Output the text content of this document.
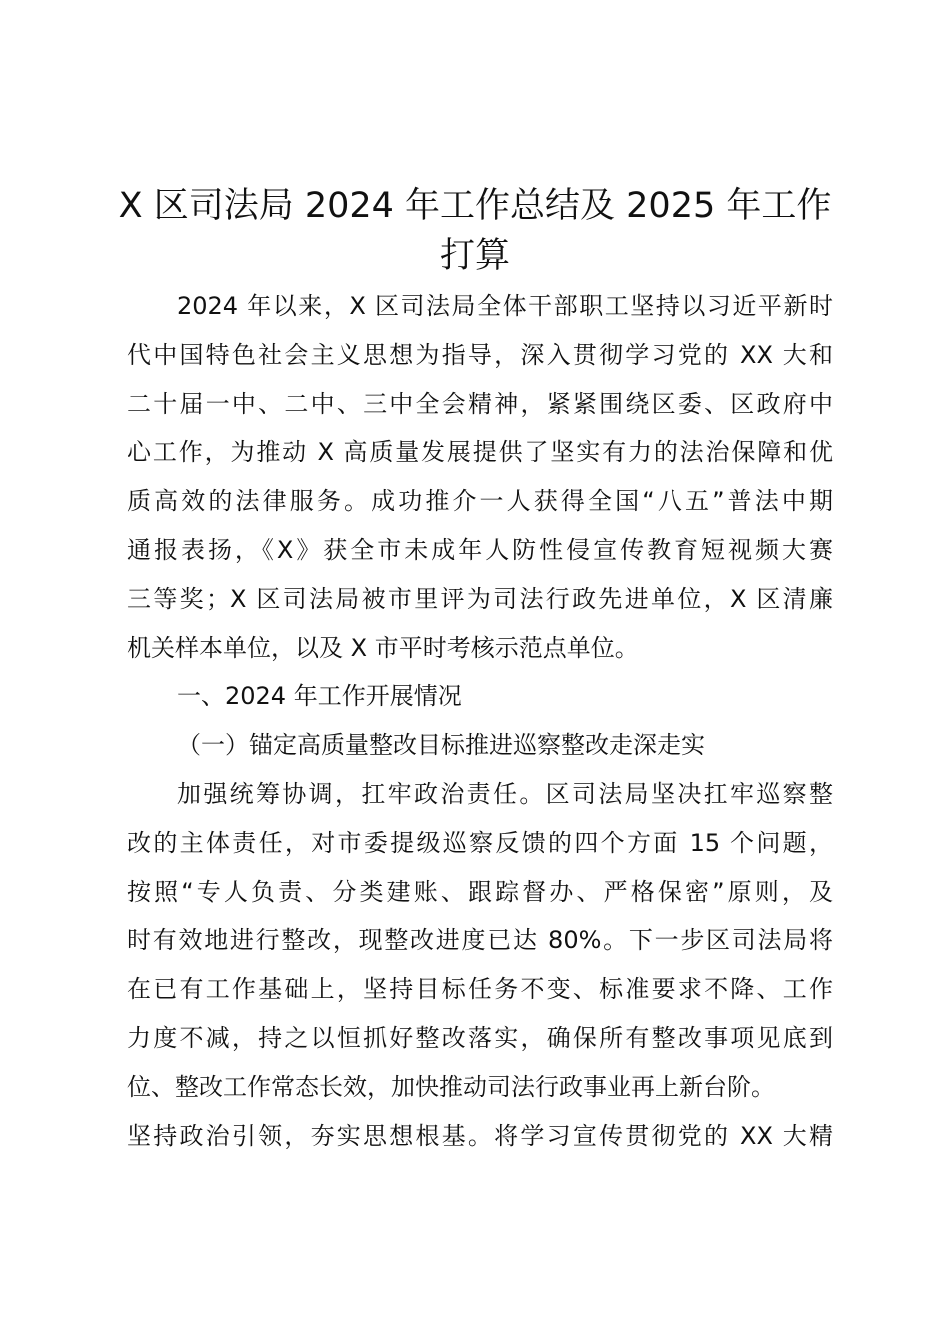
X 区司法局 2024 年工作总结及 2025 年工作
打算
2024 年以来，X 区司法局全体干部职工坚持以习近平新时
代中国特色社会主义思想为指导，深入贯彻学习党的 XX 大和
二十届一中、二中、三中全会精神，紧紧围绕区委、区政府中
心工作，为推动 X 高质量发展提供了坚实有力的法治保障和优
质高效的法律服务。成功推介一人获得全国“八五”普法中期
通报表扬，《X》获全市未成年人防性侵宣传教育短视频大赛
三等奖；X 区司法局被市里评为司法行政先进单位，X 区清廉
机关样本单位，以及 X 市平时考核示范点单位。
一、2024 年工作开展情况
（一）锚定高质量整改目标推进巡察整改走深走实
加强统筹协调，扛牢政治责任。区司法局坚决扛牢巡察整
改的主体责任，对市委提级巡察反馈的四个方面 15 个问题，
按照“专人负责、分类建账、跟踪督办、严格保密”原则，及
时有效地进行整改，现整改进度已达 80%。下一步区司法局将
在已有工作基础上，坚持目标任务不变、标准要求不降、工作
力度不减，持之以恒抓好整改落实，确保所有整改事项见底到
位、整改工作常态长效，加快推动司法行政事业再上新台阶。
坚持政治引领，夯实思想根基。将学习宣传贯彻党的 XX 大精
